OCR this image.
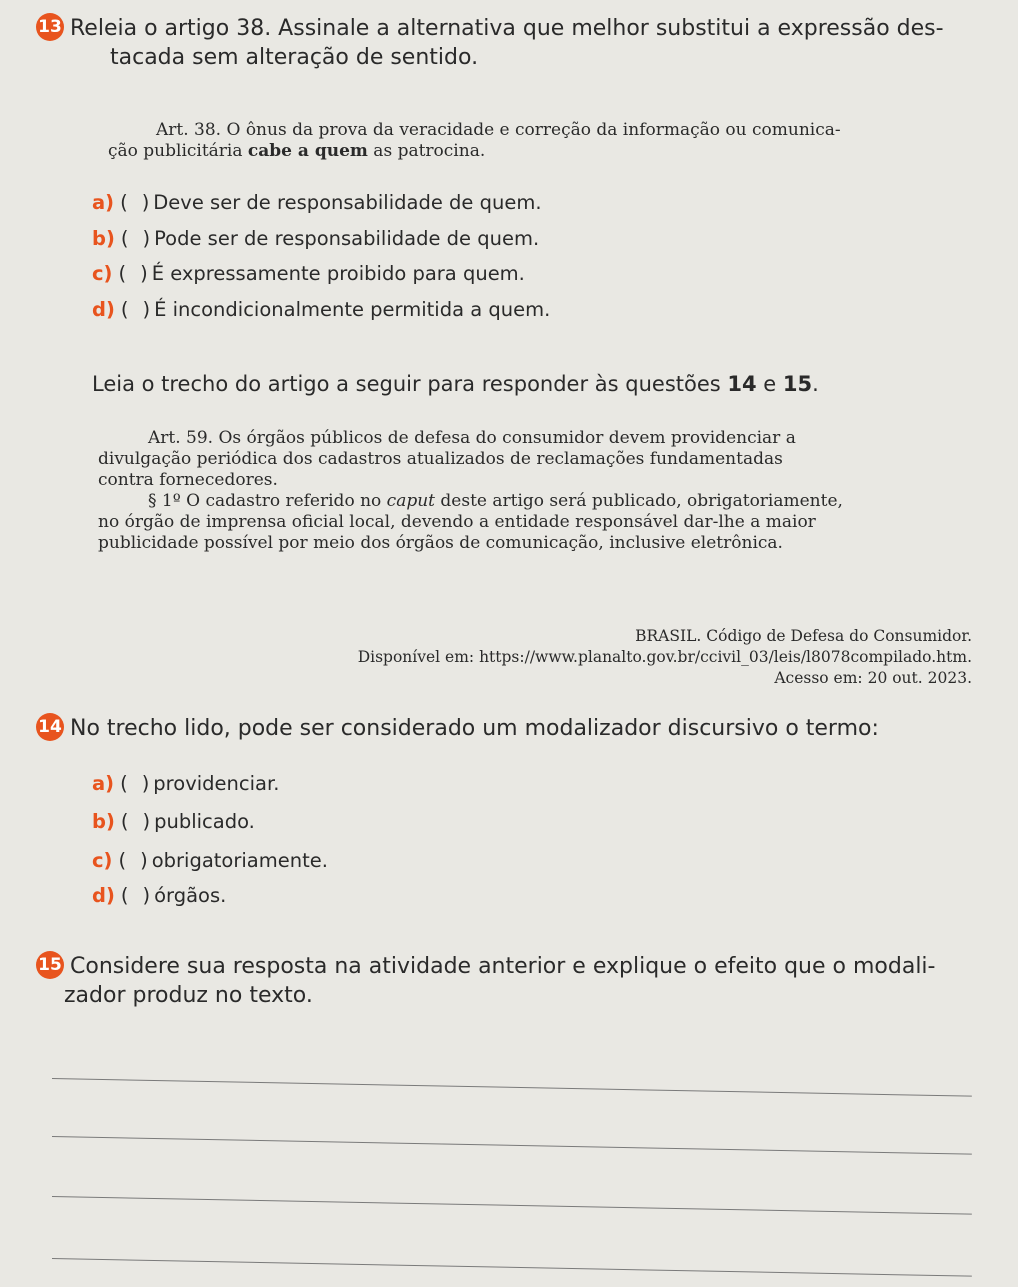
13 Releia o artigo 38. Assinale a alternativa que melhor substitui a expressão des-
tacada sem alteração de sentido.
Art. 38. O ônus da prova da veracidade e correção da informação ou comunica-
ção publicitária cabe a quem as patrocina.
a) ( ) Deve ser de responsabilidade de quem.
b) ( ) Pode ser de responsabilidade de quem.
c) ( ) É expressamente proibido para quem.
d) ( ) É incondicionalmente permitida a quem.
Leia o trecho do artigo a seguir para responder às questões 14 e 15.
Art. 59. Os órgãos públicos de defesa do consumidor devem providenciar a
divulgação periódica dos cadastros atualizados de reclamações fundamentadas
contra fornecedores.
§ 1º O cadastro referido no caput deste artigo será publicado, obrigatoriamente,
no órgão de imprensa oficial local, devendo a entidade responsável dar-lhe a maior
publicidade possível por meio dos órgãos de comunicação, inclusive eletrônica.
BRASIL. Código de Defesa do Consumidor.
Disponível em: https://www.planalto.gov.br/ccivil_03/leis/l8078compilado.htm.
Acesso em: 20 out. 2023.
14 No trecho lido, pode ser considerado um modalizador discursivo o termo:
a) ( ) providenciar.
b) ( ) publicado.
c) ( ) obrigatoriamente.
d) ( ) órgãos.
15 Considere sua resposta na atividade anterior e explique o efeito que o modali-
zador produz no texto.
